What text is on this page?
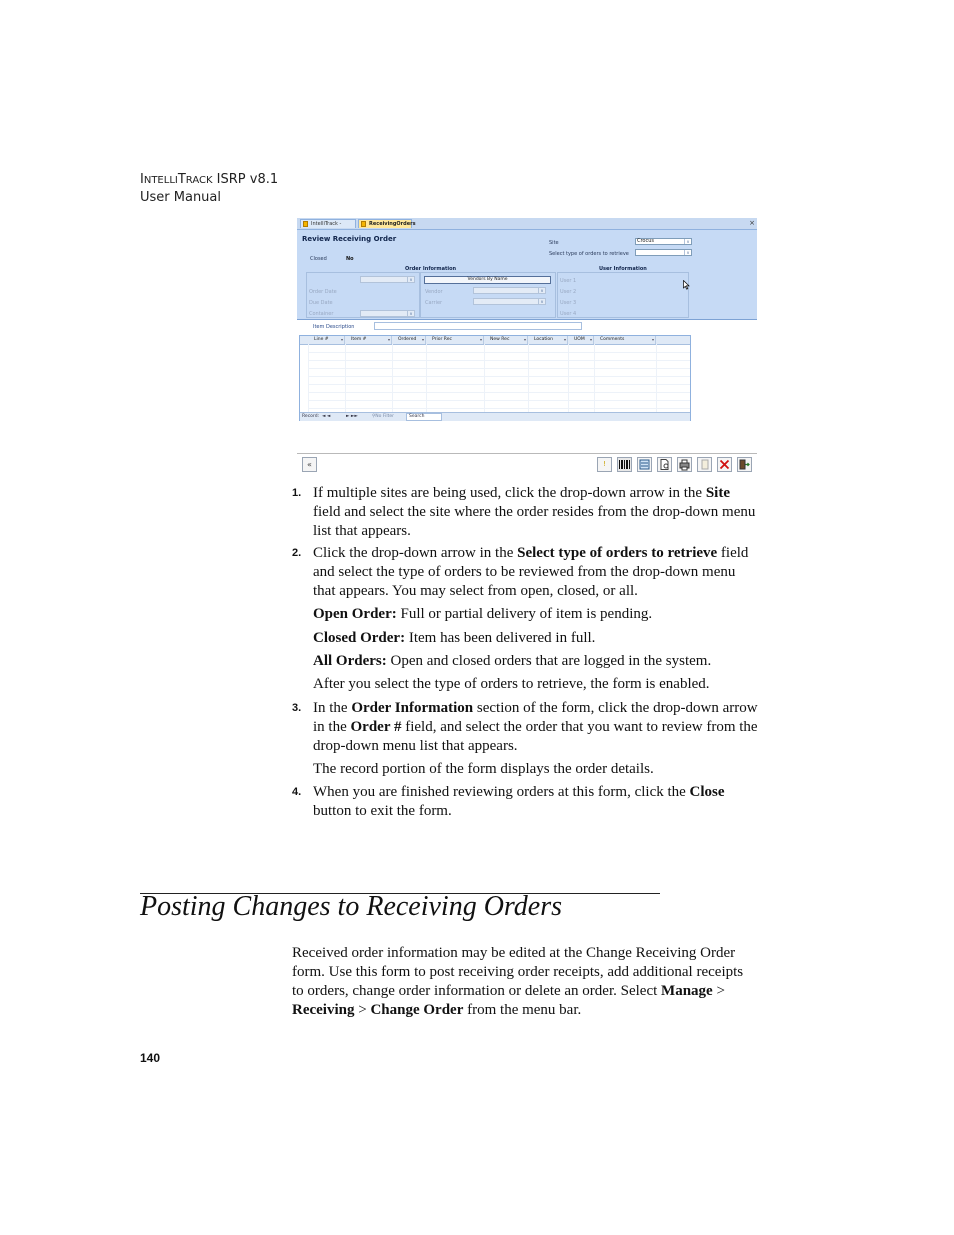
INTELLITRACK ISRP v8.1
User Manual
IntelliTrack -	ReceivingOrders	×
Review Receiving Order
Closed	No
Site	Crocus	v
Select type of orders to retrieve	v
Order Information	User Information
v	Vendors By Name
Order Date
Due Date
Container	v
Vendor	v
Carrier	v
User 1
User 2
User 3
User 4
Item Description
Line # ▾	Item # ▾	Ordered ▾	Prior Rec ▾	New Rec ▾	Location ▾	UOM ▾	Comments ▾
Record: ◄ ◄	► ►►	⚲ No Filter	Search
«	!
1. If multiple sites are being used, click the drop-down arrow in the Site field and select the site where the order resides from the drop-down menu list that appears.
2. Click the drop-down arrow in the Select type of orders to retrieve field and select the type of orders to be reviewed from the drop-down menu that appears. You may select from open, closed, or all.
Open Order: Full or partial delivery of item is pending.
Closed Order: Item has been delivered in full.
All Orders: Open and closed orders that are logged in the system.
After you select the type of orders to retrieve, the form is enabled.
3. In the Order Information section of the form, click the drop-down arrow in the Order # field, and select the order that you want to review from the drop-down menu list that appears.
The record portion of the form displays the order details.
4. When you are finished reviewing orders at this form, click the Close button to exit the form.
Posting Changes to Receiving Orders
Received order information may be edited at the Change Receiving Order form. Use this form to post receiving order receipts, add additional receipts to orders, change order information or delete an order. Select Manage > Receiving > Change Order from the menu bar.
140
